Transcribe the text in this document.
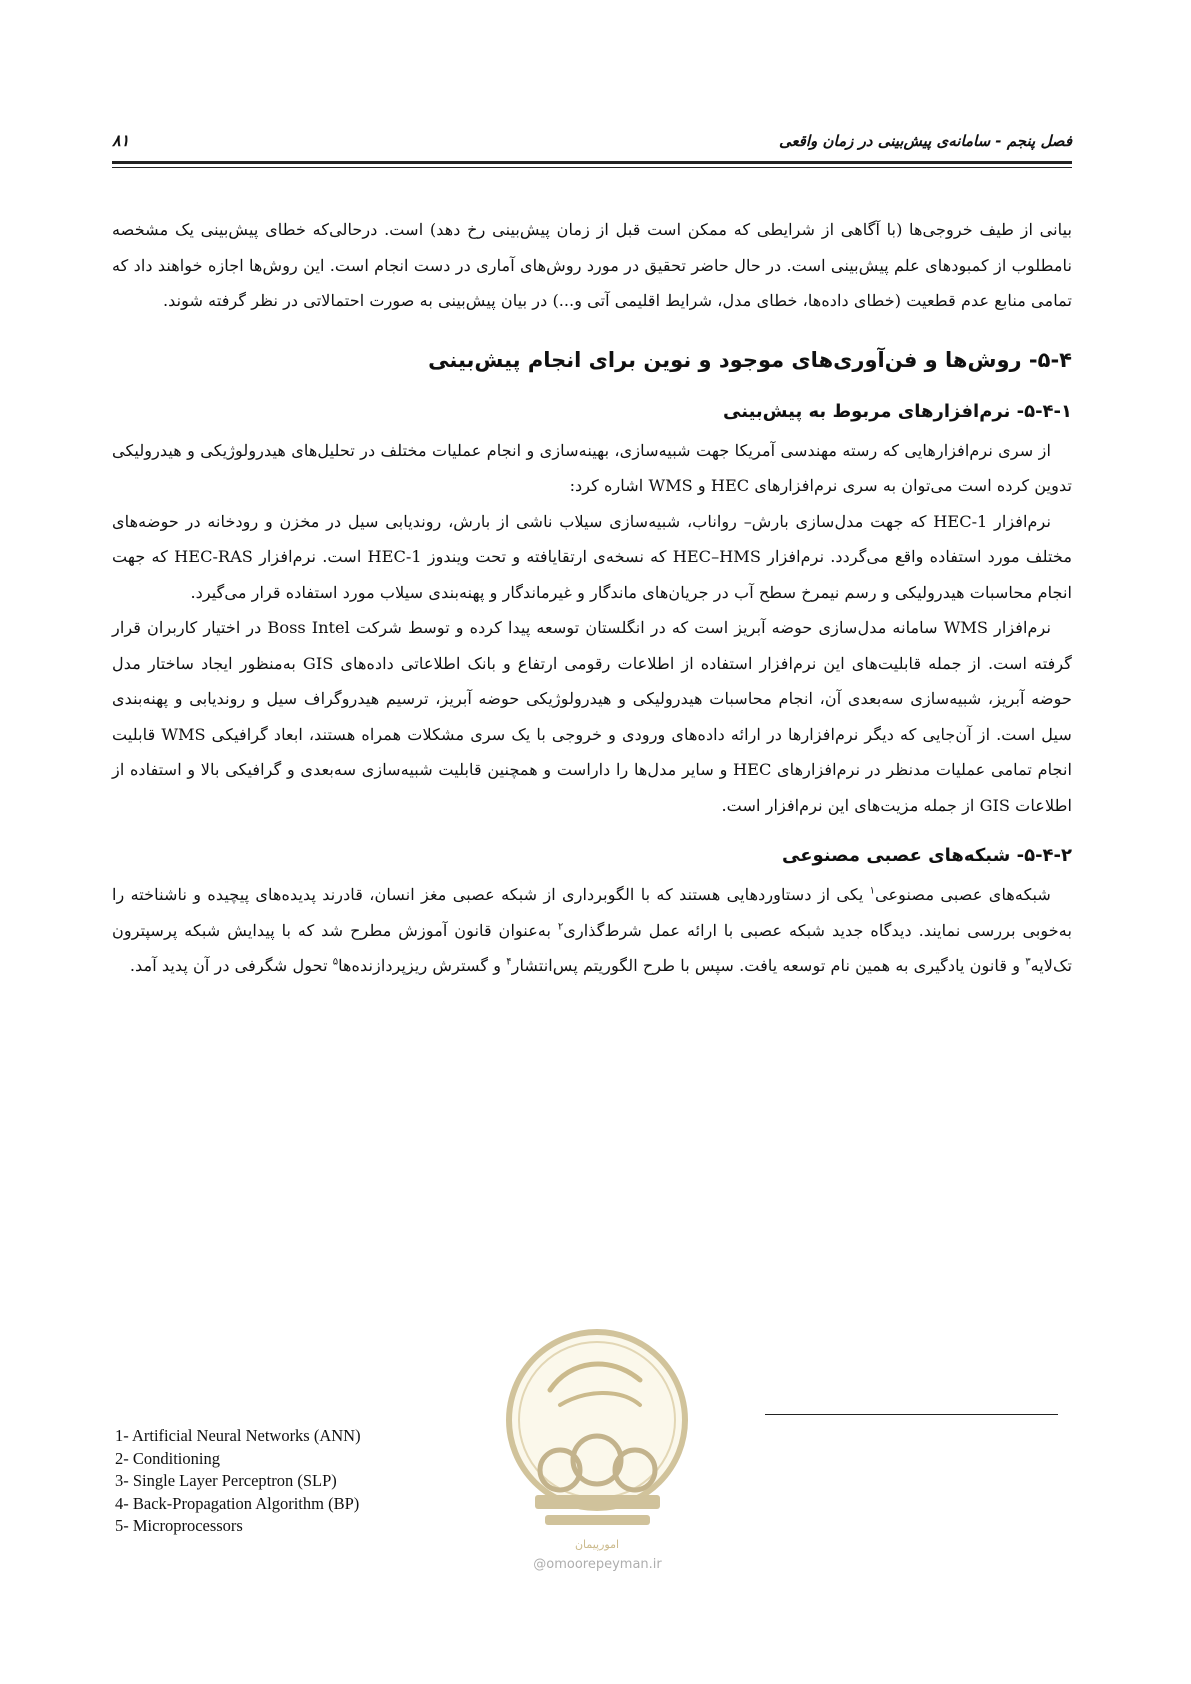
فصل پنجم - سامانه‌ی پیش‌بینی در زمان واقعی
۸۱

بیانی از طیف خروجی‌ها (با آگاهی از شرایطی که ممکن است قبل از زمان پیش‌بینی رخ دهد) است. درحالی‌که خطای پیش‌بینی یک مشخصه نامطلوب از کمبودهای علم پیش‌بینی است. در حال حاضر تحقیق در مورد روش‌های آماری در دست انجام است. این روش‌ها اجازه خواهند داد که تمامی منابع عدم قطعیت (خطای داده‌ها، خطای مدل، شرایط اقلیمی آتی و...) در بیان پیش‌بینی به صورت احتمالاتی در نظر گرفته شوند.

۵-۴- روش‌ها و فن‌آوری‌های موجود و نوین برای انجام پیش‌بینی
۵-۴-۱- نرم‌افزارهای مربوط به پیش‌بینی

از سری نرم‌افزارهایی که رسته مهندسی آمریکا جهت شبیه‌سازی، بهینه‌سازی و انجام عملیات مختلف در تحلیل‌های هیدرولوژیکی و هیدرولیکی تدوین کرده است می‌توان به سری نرم‌افزارهای HEC و WMS اشاره کرد:

نرم‌افزار HEC-1 که جهت مدل‌سازی بارش– رواناب، شبیه‌سازی سیلاب ناشی از بارش، روندیابی سیل در مخزن و رودخانه در حوضه‌های مختلف مورد استفاده واقع می‌گردد. نرم‌افزار HEC–HMS که نسخه‌ی ارتقایافته و تحت ویندوز HEC-1 است. نرم‌افزار HEC-RAS که جهت انجام محاسبات هیدرولیکی و رسم نیمرخ سطح آب در جریان‌های ماندگار و غیرماندگار و پهنه‌بندی سیلاب مورد استفاده قرار می‌گیرد.

نرم‌افزار WMS سامانه مدل‌سازی حوضه آبریز است که در انگلستان توسعه پیدا کرده و توسط شرکت Boss Intel در اختیار کاربران قرار گرفته است. از جمله قابلیت‌های این نرم‌افزار استفاده از اطلاعات رقومی ارتفاع و بانک اطلاعاتی داده‌های GIS به‌منظور ایجاد ساختار مدل حوضه آبریز، شبیه‌سازی سه‌بعدی آن، انجام محاسبات هیدرولیکی و هیدرولوژیکی حوضه آبریز، ترسیم هیدروگراف سیل و روندیابی و پهنه‌بندی سیل است. از آن‌جایی که دیگر نرم‌افزارها در ارائه داده‌های ورودی و خروجی با یک سری مشکلات همراه هستند، ابعاد گرافیکی WMS قابلیت انجام تمامی عملیات مدنظر در نرم‌افزارهای HEC و سایر مدل‌ها را داراست و همچنین قابلیت شبیه‌سازی سه‌بعدی و گرافیکی بالا و استفاده از اطلاعات GIS از جمله مزیت‌های این نرم‌افزار است.

۵-۴-۲- شبکه‌های عصبی مصنوعی

شبکه‌های عصبی مصنوعی$^۱$ یکی از دستاوردهایی هستند که با الگوبرداری از شبکه عصبی مغز انسان، قادرند پدیده‌های پیچیده و ناشناخته را به‌خوبی بررسی نمایند. دیدگاه جدید شبکه عصبی با ارائه عمل شرط‌گذاری$^۲$ به‌عنوان قانون آموزش مطرح شد که با پیدایش شبکه پرسپترون تک‌لایه$^۳$ و قانون یادگیری به همین نام توسعه یافت. سپس با طرح الگوریتم پس‌انتشار$^۴$ و گسترش ریزپردازنده‌ها$^۵$ تحول شگرفی در آن پدید آمد.

1- Artificial Neural Networks (ANN)
2- Conditioning
3- Single Layer Perceptron (SLP)
4- Back-Propagation Algorithm (BP)
5- Microprocessors
امورپیمان
@omoorepeyman.ir
